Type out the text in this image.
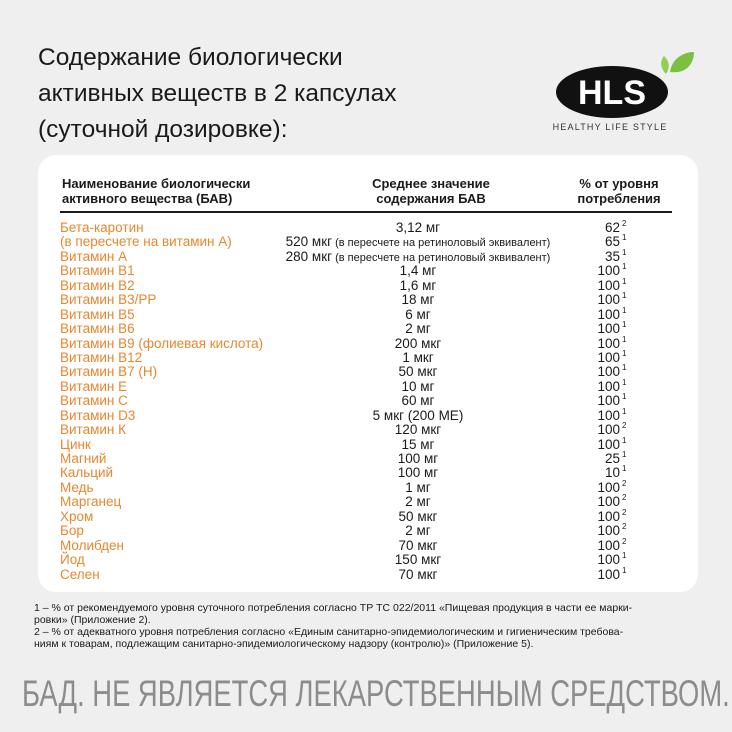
Содержание биологически
активных веществ в 2 капсулах
(суточной дозировке):
HLS
HEALTHY LIFE STYLE
Наименование биологически
активного вещества (БАВ)
Среднее значение
содержания БАВ
% от уровня
потребления
Бета-каротин	3,12 мг	62 2
(в пересчете на витамин А)	520 мкг (в пересчете на ретиноловый эквивалент)	65 1
Витамин А	280 мкг (в пересчете на ретиноловый эквивалент)	35 1
Витамин В1	1,4 мг	100 1
Витамин В2	1,6 мг	100 1
Витамин В3/PP	18 мг	100 1
Витамин В5	6 мг	100 1
Витамин В6	2 мг	100 1
Витамин В9 (фолиевая кислота)	200 мкг	100 1
Витамин В12	1 мкг	100 1
Витамин В7 (Н)	50 мкг	100 1
Витамин Е	10 мг	100 1
Витамин С	60 мг	100 1
Витамин D3	5 мкг (200 МЕ)	100 1
Витамин К	120 мкг	100 2
Цинк	15 мг	100 1
Магний	100 мг	25 1
Кальций	100 мг	10 1
Медь	1 мг	100 2
Марганец	2 мг	100 2
Хром	50 мкг	100 2
Бор	2 мг	100 2
Молибден	70 мкг	100 2
Йод	150 мкг	100 1
Селен	70 мкг	100 1
1 – % от рекомендуемого уровня суточного потребления согласно ТР ТС 022/2011 «Пищевая продукция в части ее марки-
ровки» (Приложение 2).
2 – % от адекватного уровня потребления согласно «Единым санитарно-эпидемиологическим и гигиеническим требова-
ниям к товарам, подлежащим санитарно-эпидемиологическому надзору (контролю)» (Приложение 5).
БАД. НЕ ЯВЛЯЕТСЯ ЛЕКАРСТВЕННЫМ СРЕДСТВОМ.
